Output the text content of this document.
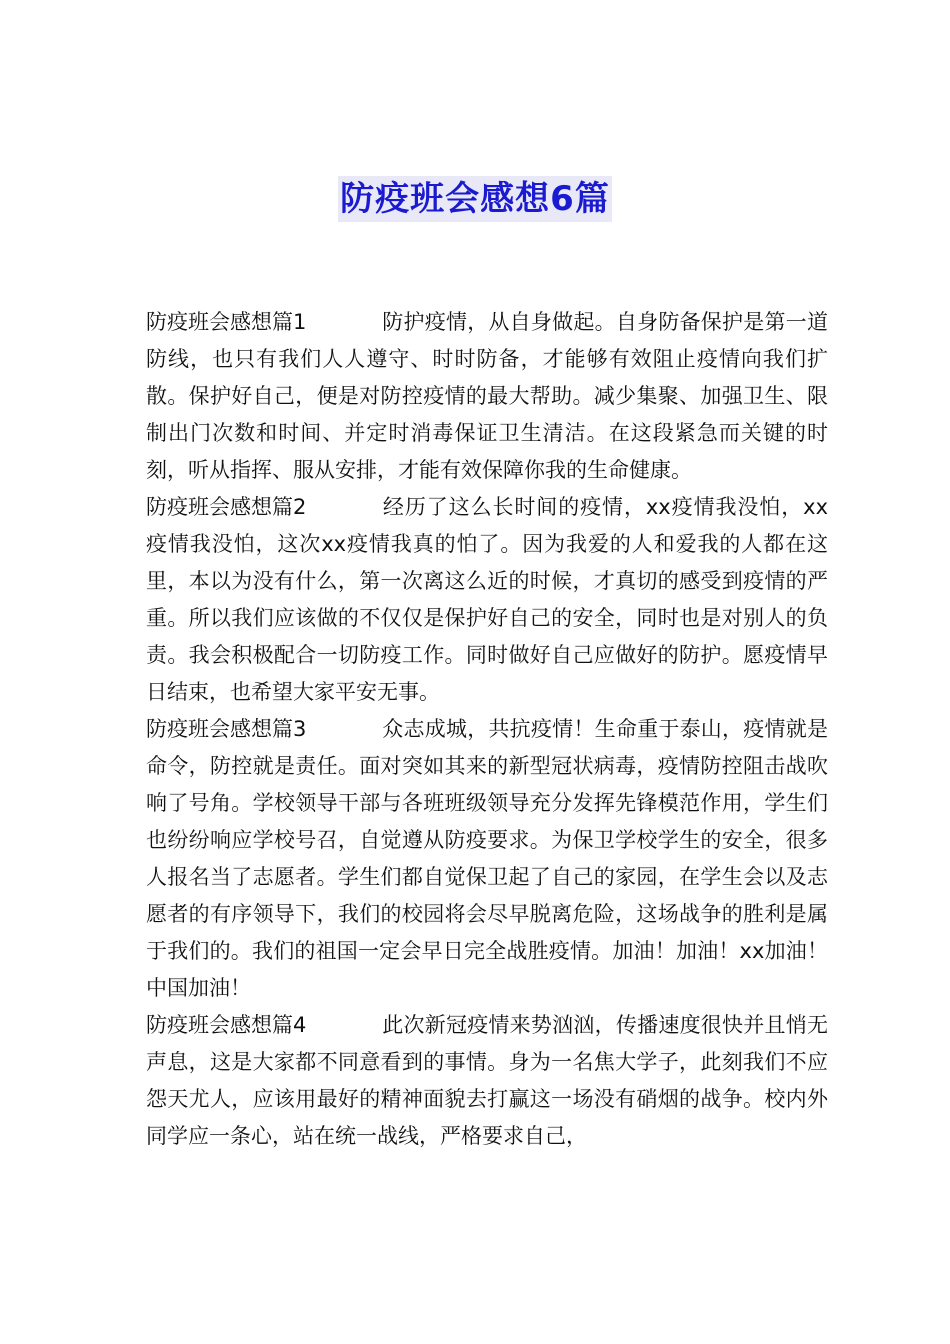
防疫班会感想6篇

防疫班会感想篇1	防护疫情，从自身做起。自身防备保护是第一道防线，也只有我们人人遵守、时时防备，才能够有效阻止疫情向我们扩散。保护好自己，便是对防控疫情的最大帮助。减少集聚、加强卫生、限制出门次数和时间、并定时消毒保证卫生清洁。在这段紧急而关键的时刻，听从指挥、服从安排，才能有效保障你我的生命健康。

防疫班会感想篇2	经历了这么长时间的疫情，xx疫情我没怕，xx疫情我没怕，这次xx疫情我真的怕了。因为我爱的人和爱我的人都在这里，本以为没有什么，第一次离这么近的时候，才真切的感受到疫情的严重。所以我们应该做的不仅仅是保护好自己的安全，同时也是对别人的负责。我会积极配合一切防疫工作。同时做好自己应做好的防护。愿疫情早日结束，也希望大家平安无事。

防疫班会感想篇3	众志成城，共抗疫情！生命重于泰山，疫情就是命令，防控就是责任。面对突如其来的新型冠状病毒，疫情防控阻击战吹响了号角。学校领导干部与各班班级领导充分发挥先锋模范作用，学生们也纷纷响应学校号召，自觉遵从防疫要求。为保卫学校学生的安全，很多人报名当了志愿者。学生们都自觉保卫起了自己的家园，在学生会以及志愿者的有序领导下，我们的校园将会尽早脱离危险，这场战争的胜利是属于我们的。我们的祖国一定会早日完全战胜疫情。加油！加油！xx加油！中国加油！

防疫班会感想篇4	此次新冠疫情来势汹汹，传播速度很快并且悄无声息，这是大家都不同意看到的事情。身为一名焦大学子，此刻我们不应怨天尤人，应该用最好的精神面貌去打赢这一场没有硝烟的战争。校内外同学应一条心，站在统一战线，严格要求自己，
